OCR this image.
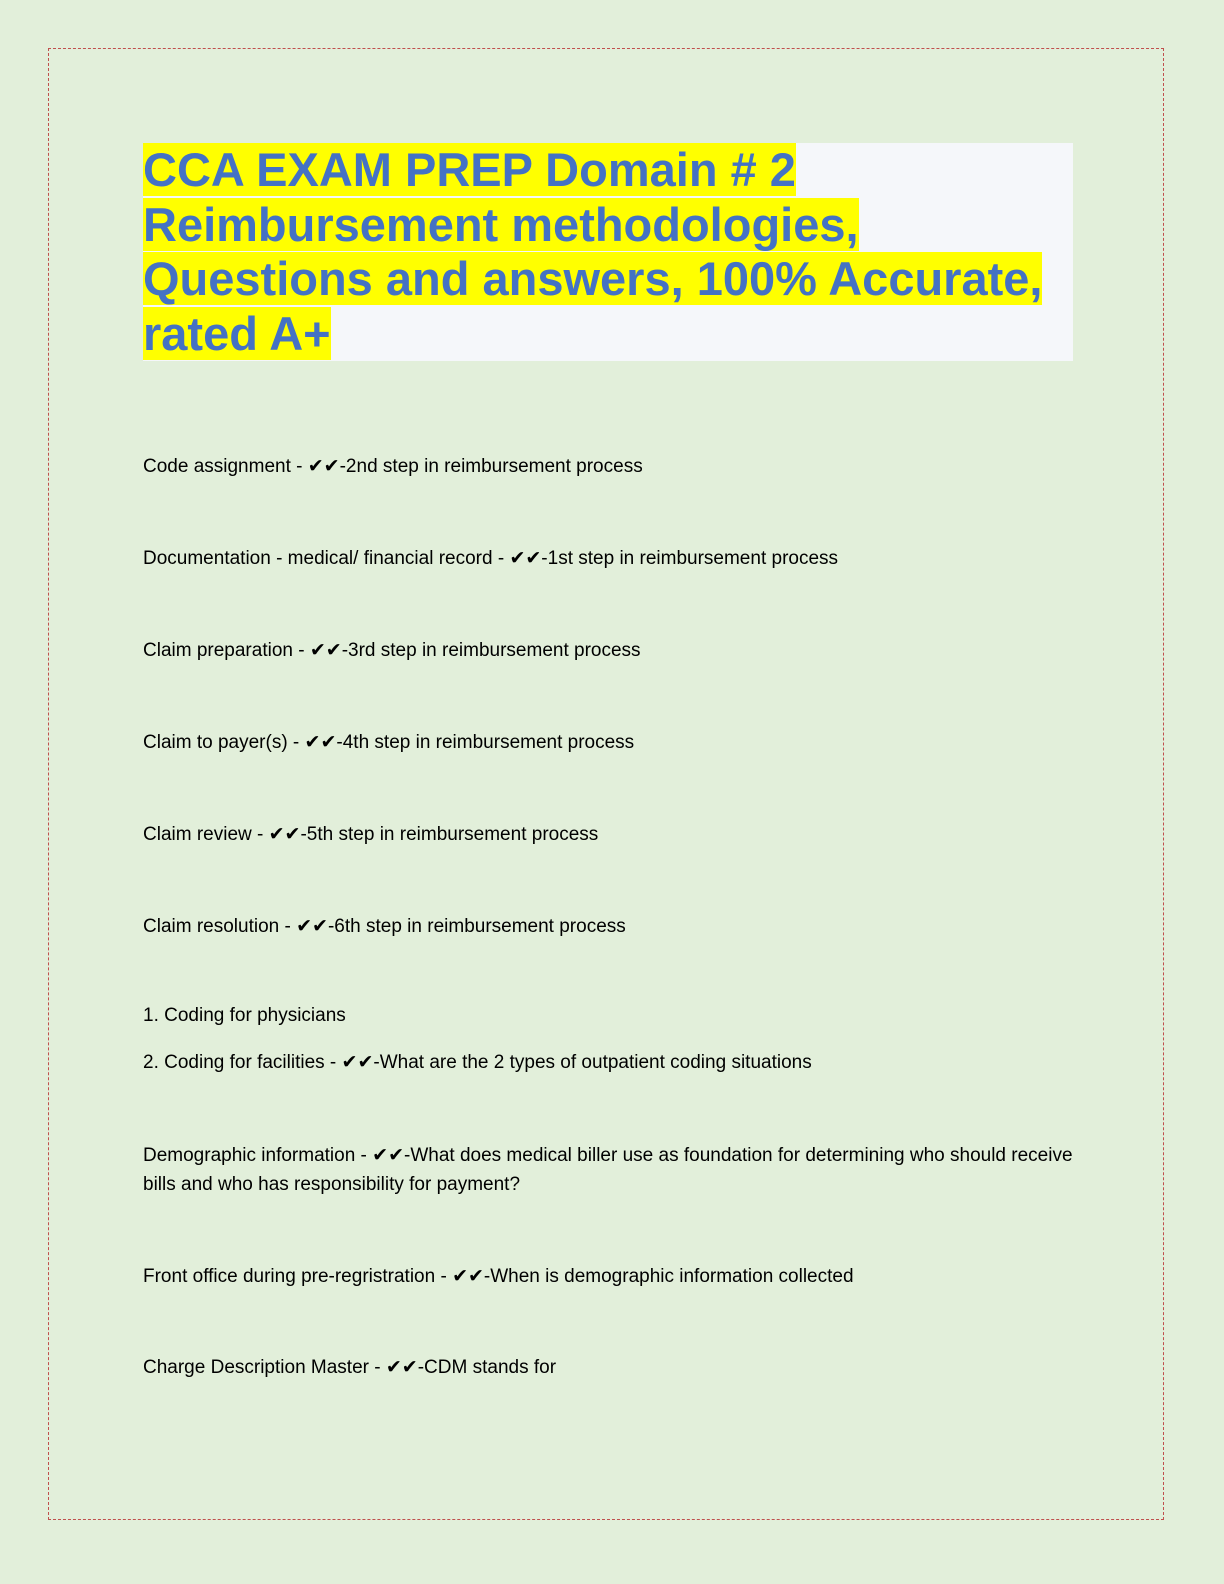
CCA EXAM PREP Domain # 2 Reimbursement methodologies, Questions and answers, 100% Accurate, rated A+

Code assignment - ✔✔-2nd step in reimbursement process

Documentation - medical/ financial record - ✔✔-1st step in reimbursement process

Claim preparation - ✔✔-3rd step in reimbursement process

Claim to payer(s) - ✔✔-4th step in reimbursement process

Claim review - ✔✔-5th step in reimbursement process

Claim resolution - ✔✔-6th step in reimbursement process

1. Coding for physicians

2. Coding for facilities - ✔✔-What are the 2 types of outpatient coding situations

Demographic information - ✔✔-What does medical biller use as foundation for determining who should receive bills and who has responsibility for payment?

Front office during pre-regristration - ✔✔-When is demographic information collected

Charge Description Master - ✔✔-CDM stands for
